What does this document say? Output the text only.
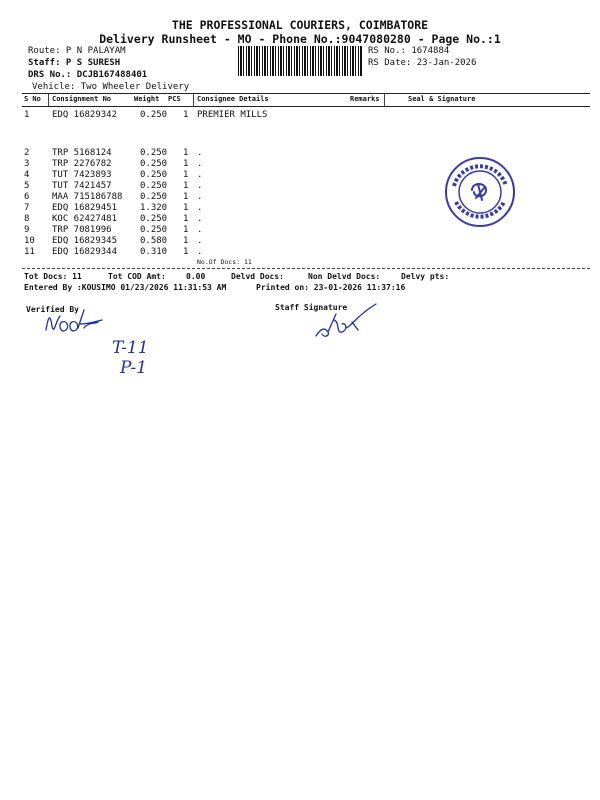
THE PROFESSIONAL COURIERS, COIMBATORE
Delivery Runsheet - MO - Phone No.:9047080280 - Page No.:1
Route: P N PALAYAM
Staff: P S SURESH
DRS No.: DCJB167488401
Vehicle: Two Wheeler Delivery
RS No.: 1674884
RS Date: 23-Jan-2026
S No Consignment No	Weight PCS Consignee Details	Remarks	Seal & Signature
1	EDQ 16829342	0.250 1 PREMIER MILLS
2	TRP 5168124	0.250 1 .
3	TRP 2276782	0.250 1 .
4	TUT 7423893	0.250 1 .
5	TUT 7421457	0.250 1 .
6	MAA 715186788 0.250 1 .
7	EDQ 16829451	1.320 1 .
8	KOC 62427481	0.250 1 .
9	TRP 7081996	0.250 1 .
10 EDQ 16829345	0.580 1 .
11 EDQ 16829344	0.310 1 .
No.Of Docs: 11
Tot Docs: 11	Tot COD Amt:	0.00	Delvd Docs:	Non Delvd Docs:	Delvy pts:
Entered By :KOUSIMO 01/23/2026 11:31:53 AM	Printed on: 23-01-2026 11:37:16
Verified By	Staff Signature
T-11
P-1
